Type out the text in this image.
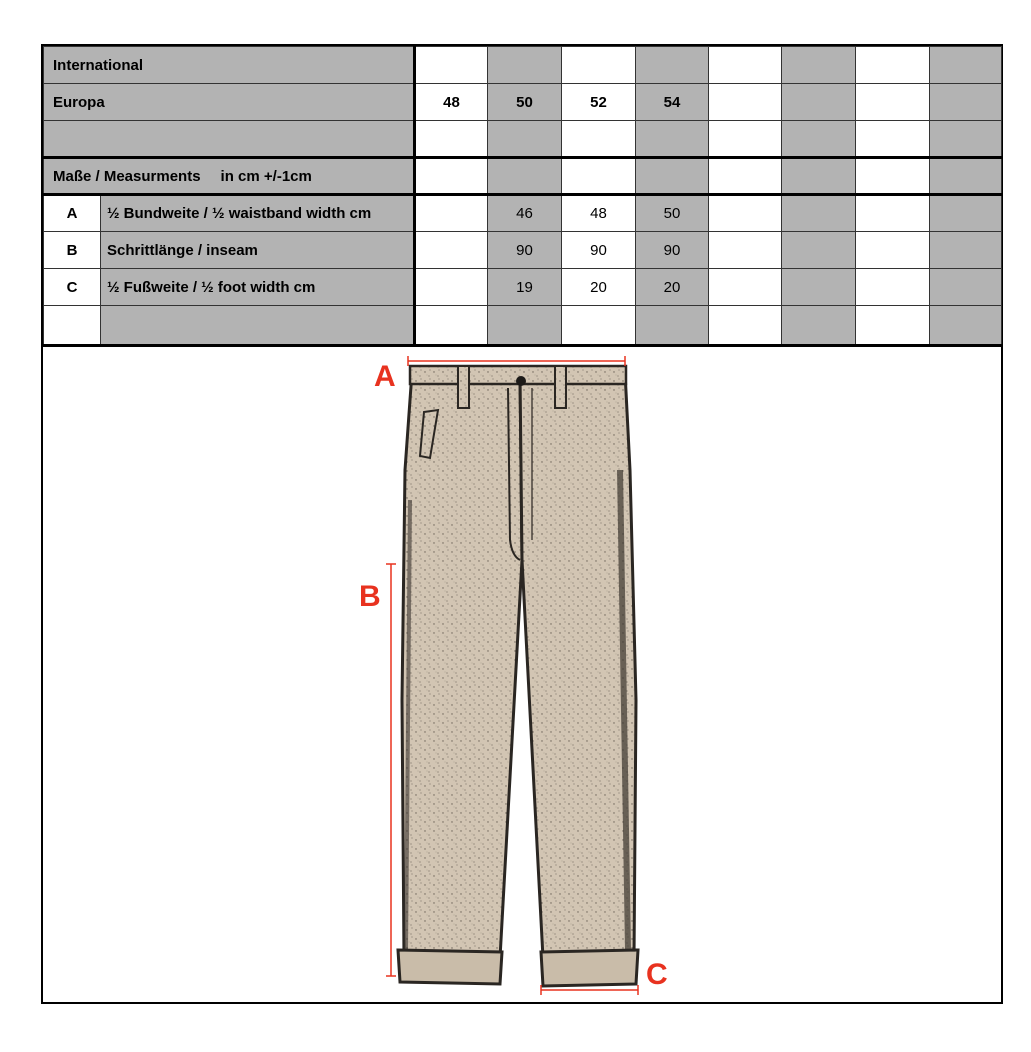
International									
Europa		48	50	52	54				

Maße / Measurments in cm +/-1cm									
A	½ Bundweite / ½ waistband width cm		46	48	50				
B	Schrittlänge / inseam		90	90	90				
C	½ Fußweite / ½ foot width cm		19	20	20				

A
B
C
